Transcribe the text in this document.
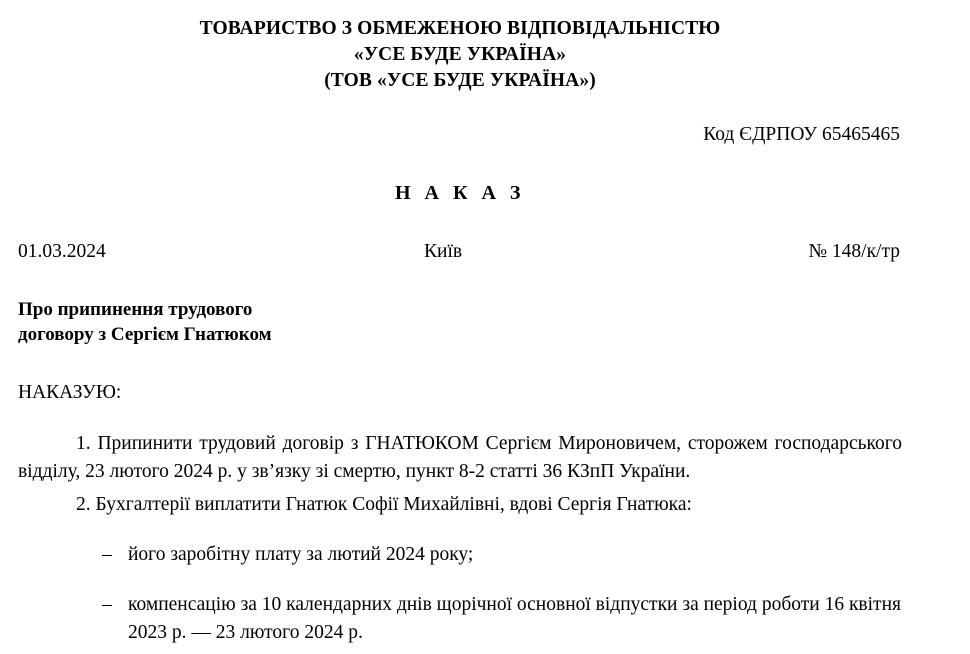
ТОВАРИСТВО З ОБМЕЖЕНОЮ ВІДПОВІДАЛЬНІСТЮ
«УСЕ БУДЕ УКРАЇНА»
(ТОВ «УСЕ БУДЕ УКРАЇНА»)
Код ЄДРПОУ 65465465
Н А К А З
01.03.2024	Київ	№ 148/к/тр
Про припинення трудового
договору з Сергієм Гнатюком
НАКАЗУЮ:
1. Припинити трудовий договір з ГНАТЮКОМ Сергієм Мироновичем, сторожем господарського відділу, 23 лютого 2024 р. у зв’язку зі смертю, пункт 8-2 статті 36 КЗпП України.
2. Бухгалтерії виплатити Гнатюк Софії Михайлівні, вдові Сергія Гнатюка:
– його заробітну плату за лютий 2024 року;
– компенсацію за 10 календарних днів щорічної основної відпустки за період роботи 16 квітня 2023 р. — 23 лютого 2024 р.
